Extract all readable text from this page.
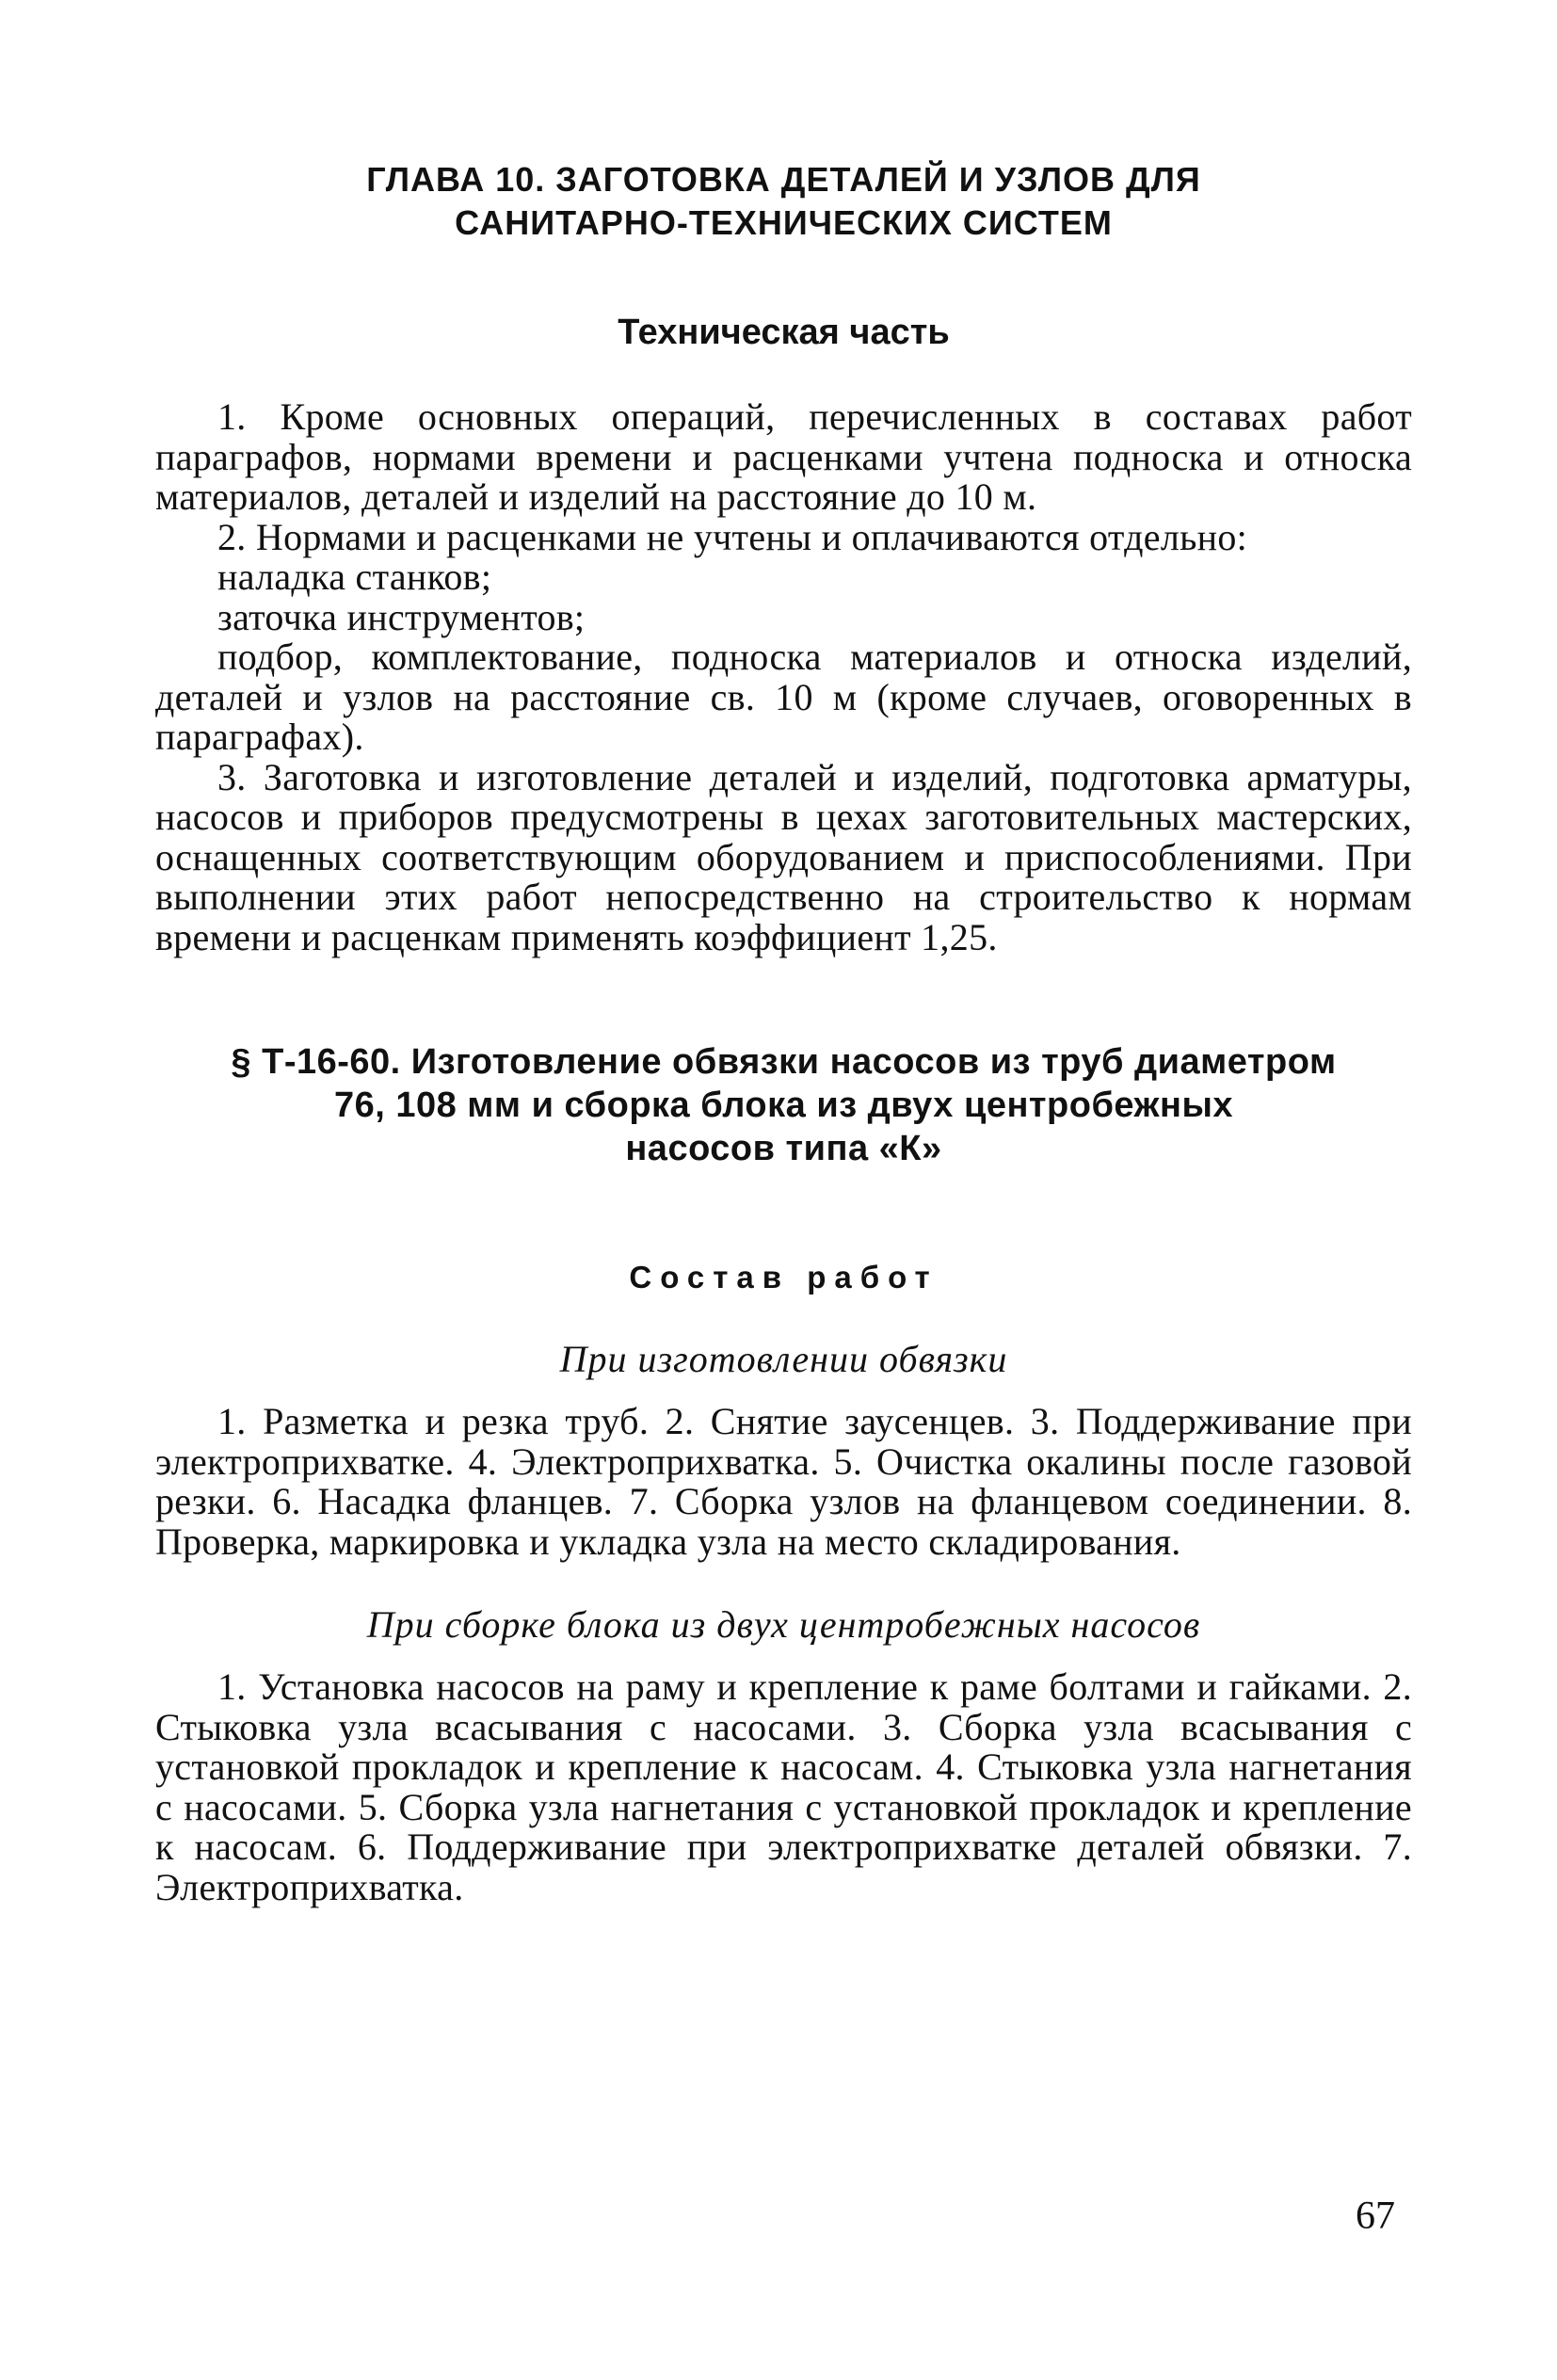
ГЛАВА 10. ЗАГОТОВКА ДЕТАЛЕЙ И УЗЛОВ ДЛЯ
САНИТАРНО-ТЕХНИЧЕСКИХ СИСТЕМ
Техническая часть

1. Кроме основных операций, перечисленных в составах работ параграфов, нормами времени и расценками учтена подноска и относка материалов, деталей и изделий на расстояние до 10 м.

2. Нормами и расценками не учтены и оплачиваются отдельно:

наладка станков;

заточка инструментов;

подбор, комплектование, подноска материалов и относка изделий, деталей и узлов на расстояние св. 10 м (кроме случаев, оговоренных в параграфах).

3. Заготовка и изготовление деталей и изделий, подготовка арматуры, насосов и приборов предусмотрены в цехах заготовительных мастерских, оснащенных соответствующим оборудованием и приспособлениями. При выполнении этих работ непосредственно на строительство к нормам времени и расценкам применять коэффициент 1,25.

§ Т-16-60. Изготовление обвязки насосов из труб диаметром
76, 108 мм и сборка блока из двух центробежных
насосов типа «К»
Состав работ
При изготовлении обвязки

1. Разметка и резка труб. 2. Снятие заусенцев. 3. Поддерживание при электроприхватке. 4. Электроприхватка. 5. Очистка окалины после газовой резки. 6. Насадка фланцев. 7. Сборка узлов на фланцевом соединении. 8. Проверка, маркировка и укладка узла на место складирования.

При сборке блока из двух центробежных насосов

1. Установка насосов на раму и крепление к раме болтами и гайками. 2. Стыковка узла всасывания с насосами. 3. Сборка узла всасывания с установкой прокладок и крепление к насосам. 4. Стыковка узла нагнетания с насосами. 5. Сборка узла нагнетания с установкой прокладок и крепление к насосам. 6. Поддерживание при электроприхватке деталей обвязки. 7. Электроприхватка.

67
